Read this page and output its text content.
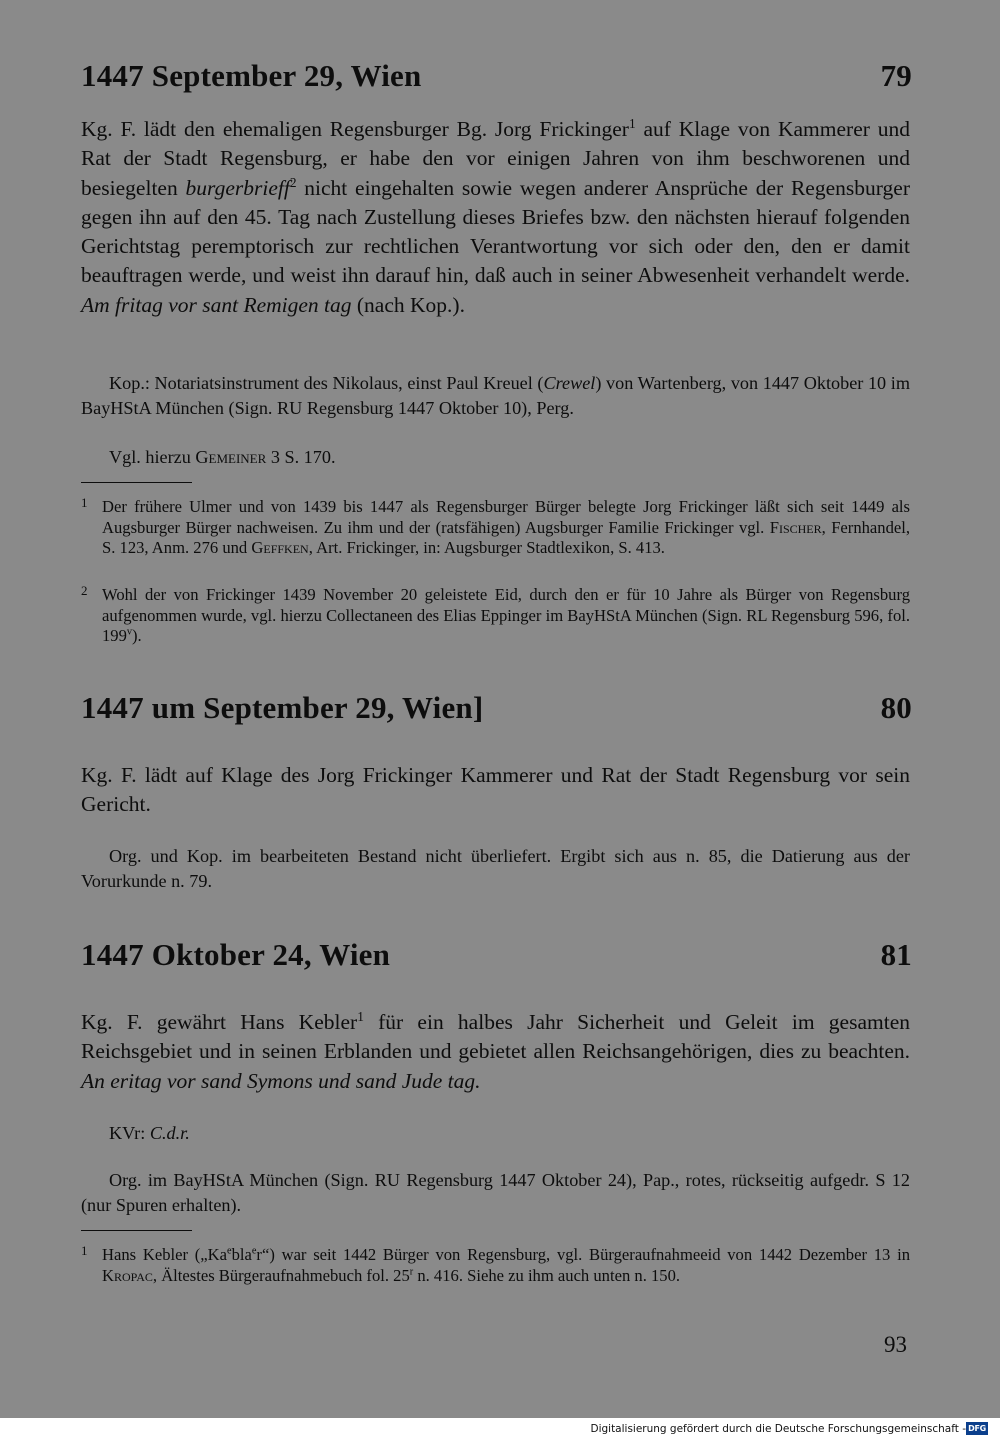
1447 September 29, Wien	79
Kg. F. lädt den ehemaligen Regensburger Bg. Jorg Frickinger$^1$ auf Klage von Kammerer und Rat der Stadt Regensburg, er habe den vor einigen Jahren von ihm beschworenen und besiegelten burgerbrieff$^2$ nicht eingehalten sowie wegen anderer Ansprüche der Regensburger gegen ihn auf den 45. Tag nach Zustellung dieses Briefes bzw. den nächsten hierauf folgenden Gerichtstag peremptorisch zur rechtlichen Verantwortung vor sich oder den, den er damit beauftragen werde, und weist ihn darauf hin, daß auch in seiner Abwesenheit verhandelt werde. Am fritag vor sant Remigen tag (nach Kop.).
Kop.: Notariatsinstrument des Nikolaus, einst Paul Kreuel (Crewel) von Wartenberg, von 1447 Oktober 10 im BayHStA München (Sign. RU Regensburg 1447 Oktober 10), Perg.
Vgl. hierzu Gemeiner 3 S. 170.
1 Der frühere Ulmer und von 1439 bis 1447 als Regensburger Bürger belegte Jorg Frickinger läßt sich seit 1449 als Augsburger Bürger nachweisen. Zu ihm und der (ratsfähigen) Augsburger Familie Frickinger vgl. Fischer, Fernhandel, S. 123, Anm. 276 und Geffken, Art. Frickinger, in: Augsburger Stadtlexikon, S. 413.
2 Wohl der von Frickinger 1439 November 20 geleistete Eid, durch den er für 10 Jahre als Bürger von Regensburg aufgenommen wurde, vgl. hierzu Collectaneen des Elias Eppinger im BayHStA München (Sign. RL Regensburg 596, fol. 199$^v$).
1447 um September 29, Wien]	80
Kg. F. lädt auf Klage des Jorg Frickinger Kammerer und Rat der Stadt Regensburg vor sein Gericht.
Org. und Kop. im bearbeiteten Bestand nicht überliefert. Ergibt sich aus n. 85, die Datierung aus der Vorurkunde n. 79.
1447 Oktober 24, Wien	81
Kg. F. gewährt Hans Kebler$^1$ für ein halbes Jahr Sicherheit und Geleit im gesamten Reichsgebiet und in seinen Erblanden und gebietet allen Reichsangehörigen, dies zu beachten. An eritag vor sand Symons und sand Jude tag.
KVr: C.d.r.
Org. im BayHStA München (Sign. RU Regensburg 1447 Oktober 24), Pap., rotes, rückseitig aufgedr. S 12 (nur Spuren erhalten).
1 Hans Kebler („Ka$^e$bla$^e$r“) war seit 1442 Bürger von Regensburg, vgl. Bürgeraufnahmeeid von 1442 Dezember 13 in Kropac, Ältestes Bürgeraufnahmebuch fol. 25$^r$ n. 416. Siehe zu ihm auch unten n. 150.
93
Digitalisierung gefördert durch die Deutsche Forschungsgemeinschaft - DFG
